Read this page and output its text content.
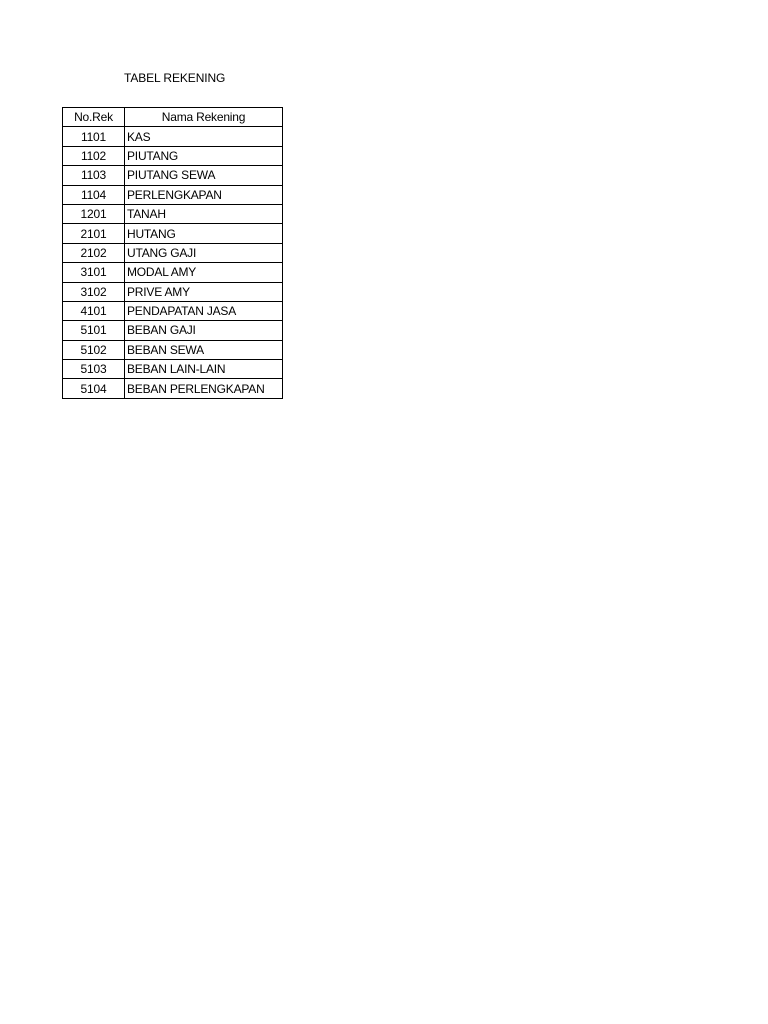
TABEL REKENING
No.Rek	Nama Rekening
1101	KAS
1102	PIUTANG
1103	PIUTANG SEWA
1104	PERLENGKAPAN
1201	TANAH
2101	HUTANG
2102	UTANG GAJI
3101	MODAL AMY
3102	PRIVE AMY
4101	PENDAPATAN JASA
5101	BEBAN GAJI
5102	BEBAN SEWA
5103	BEBAN LAIN-LAIN
5104	BEBAN PERLENGKAPAN
